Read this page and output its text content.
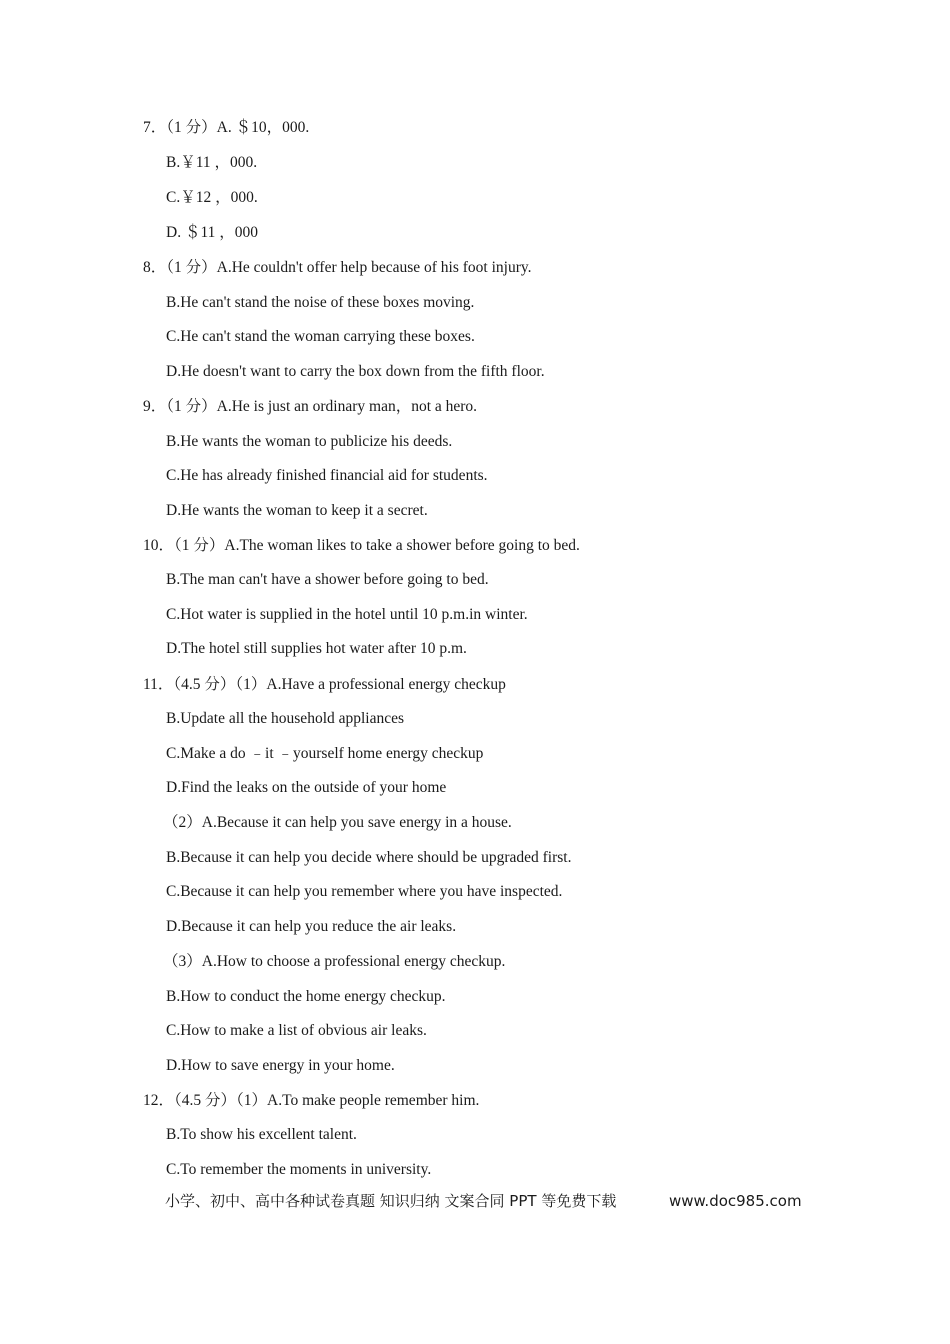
7．（1 分）A. ＄10，000.
B.￥11 ，000.
C.￥12 ，000.
D. ＄11 ，000
8．（1 分）A.He couldn't offer help because of his foot injury.
B.He can't stand the noise of these boxes moving.
C.He can't stand the woman carrying these boxes.
D.He doesn't want to carry the box down from the fifth floor.
9．（1 分）A.He is just an ordinary man，not a hero.
B.He wants the woman to publicize his deeds.
C.He has already finished financial aid for students.
D.He wants the woman to keep it a secret.
10．（1 分）A.The woman likes to take a shower before going to bed.
B.The man can't have a shower before going to bed.
C.Hot water is supplied in the hotel until 10 p.m.in winter.
D.The hotel still supplies hot water after 10 p.m.
11．（4.5 分）（1）A.Have a professional energy checkup
B.Update all the household appliances
C.Make a do ﹣it ﹣yourself home energy checkup
D.Find the leaks on the outside of your home
（2）A.Because it can help you save energy in a house.
B.Because it can help you decide where should be upgraded first.
C.Because it can help you remember where you have inspected.
D.Because it can help you reduce the air leaks.
（3）A.How to choose a professional energy checkup.
B.How to conduct the home energy checkup.
C.How to make a list of obvious air leaks.
D.How to save energy in your home.
12．（4.5 分）（1）A.To make people remember him.
B.To show his excellent talent.
C.To remember the moments in university.
小学、初中、高中各种试卷真题 知识归纳 文案合同 PPT 等免费下载	www.doc985.com
